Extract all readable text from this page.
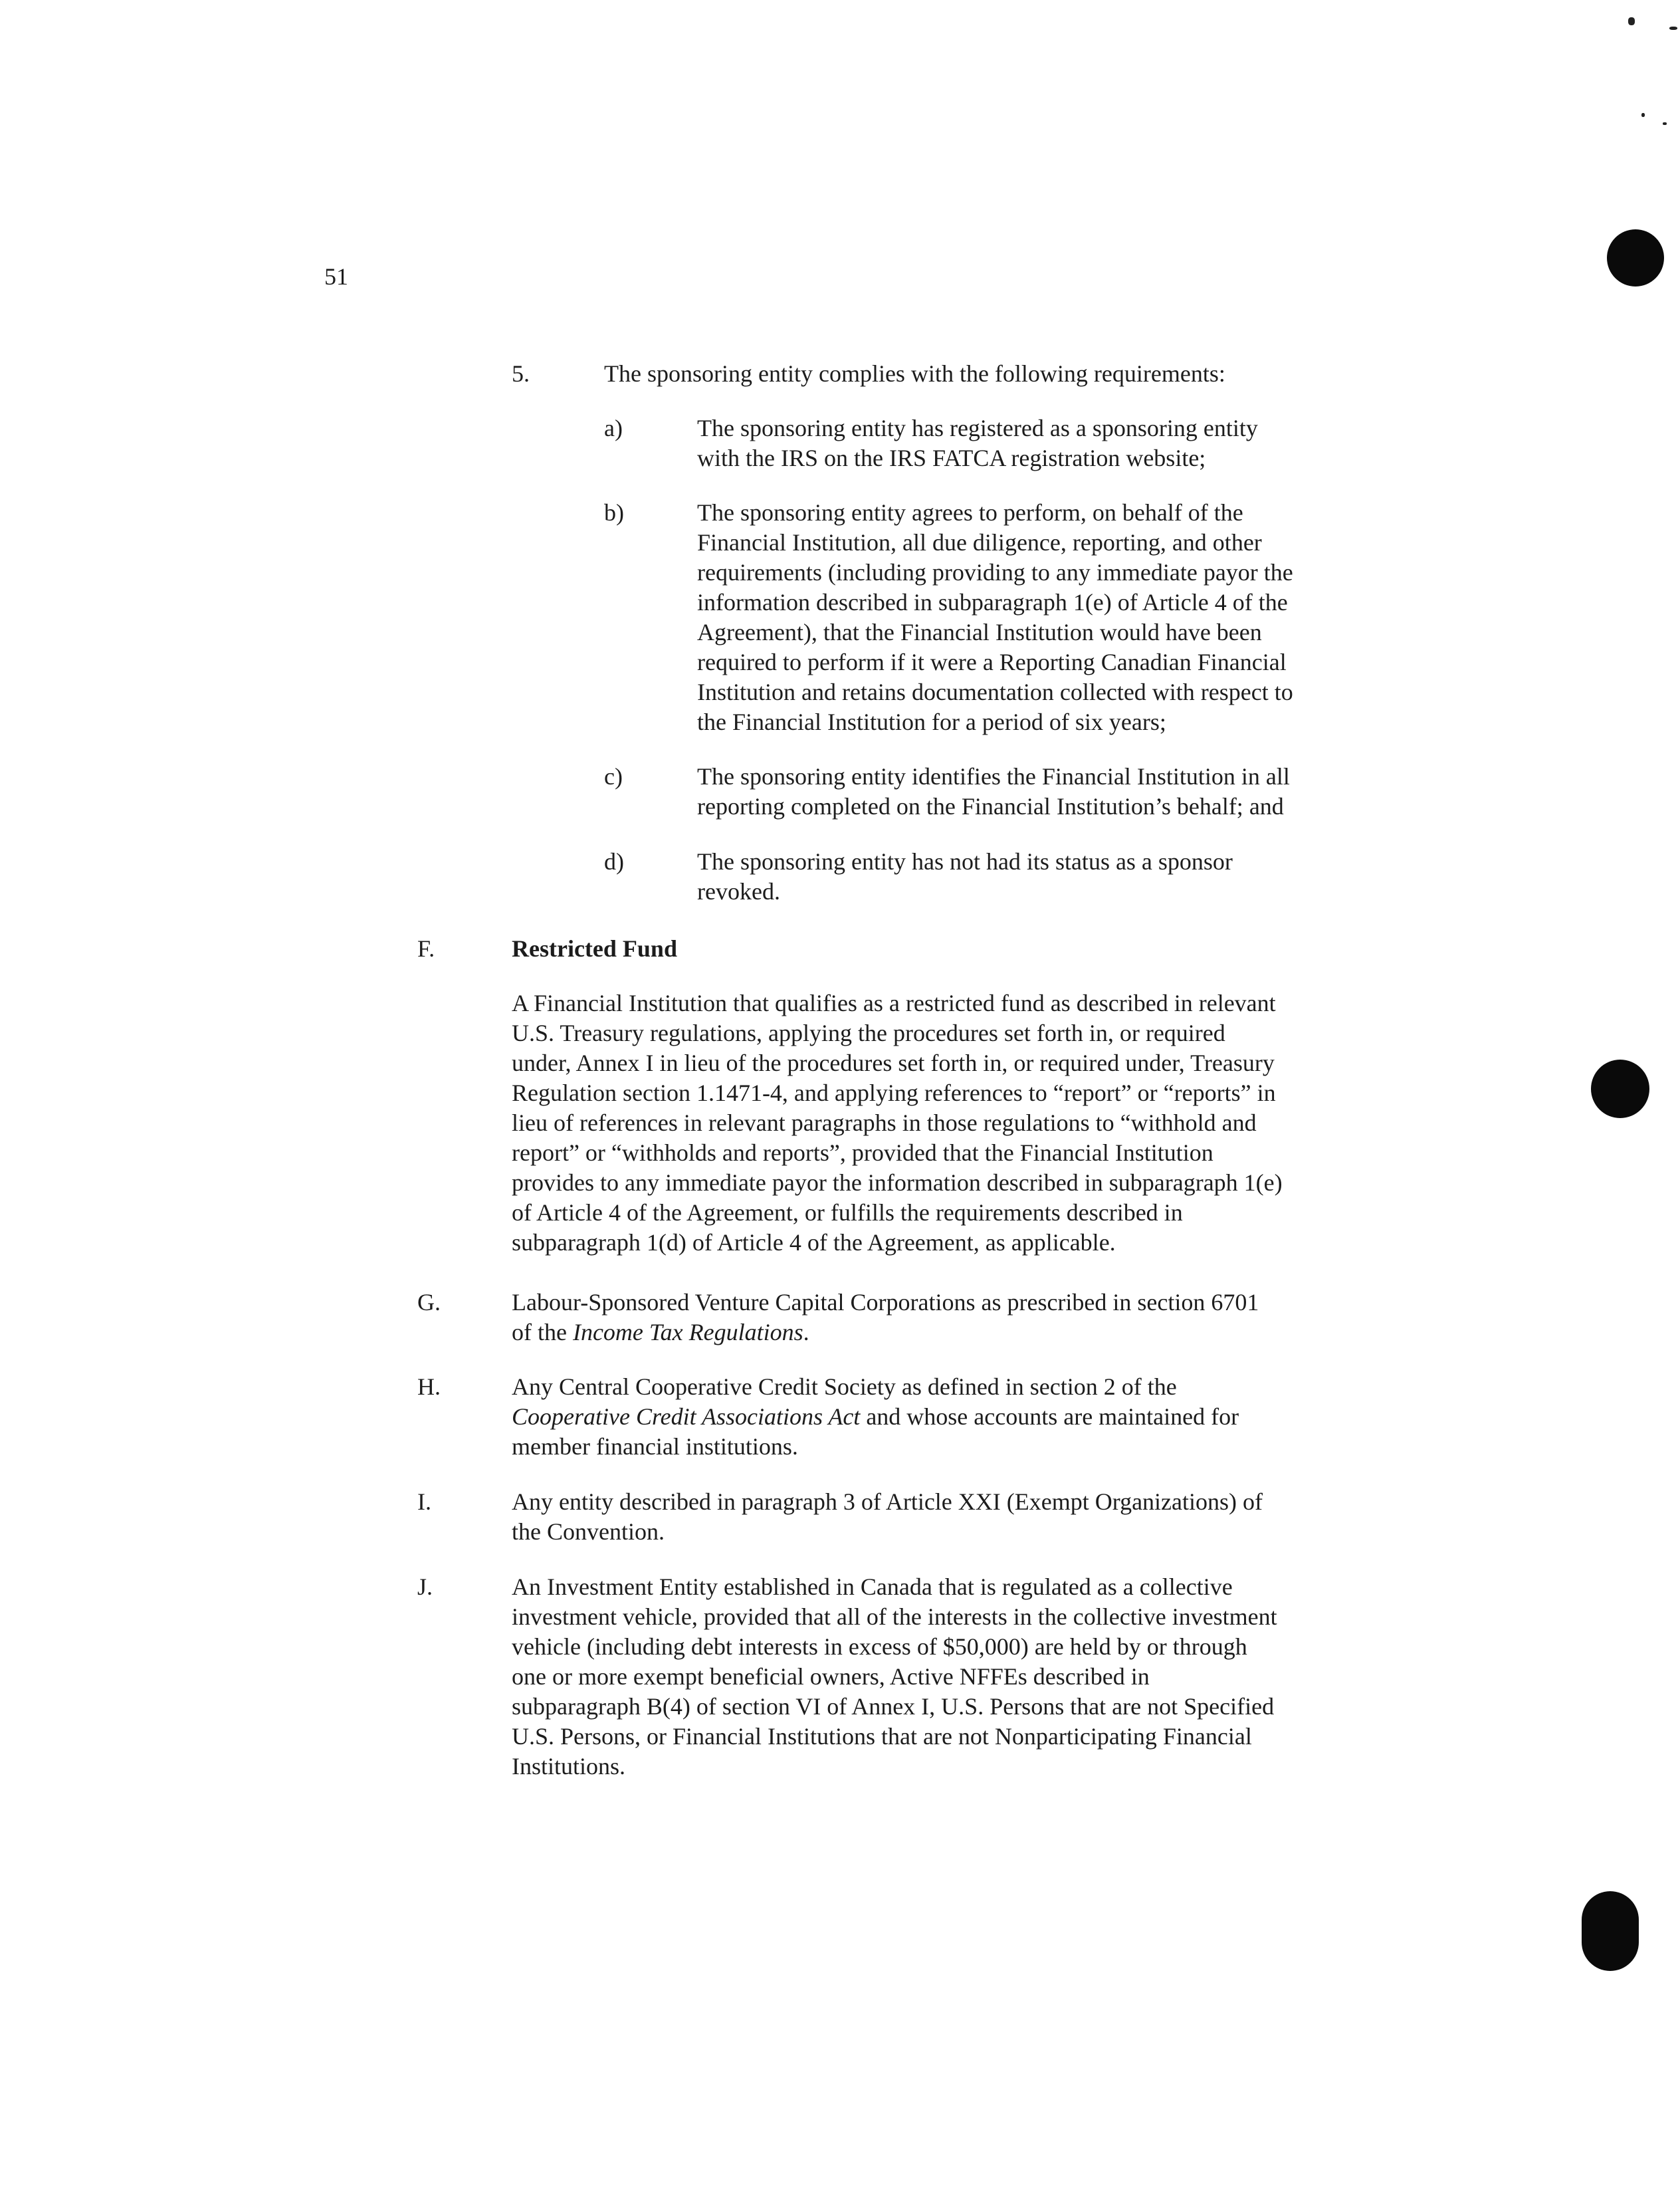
51
5.	The sponsoring entity complies with the following requirements:
a)	The sponsoring entity has registered as a sponsoring entity
with the IRS on the IRS FATCA registration website;
b)	The sponsoring entity agrees to perform, on behalf of the
Financial Institution, all due diligence, reporting, and other
requirements (including providing to any immediate payor the
information described in subparagraph 1(e) of Article 4 of the
Agreement), that the Financial Institution would have been
required to perform if it were a Reporting Canadian Financial
Institution and retains documentation collected with respect to
the Financial Institution for a period of six years;
c)	The sponsoring entity identifies the Financial Institution in all
reporting completed on the Financial Institution’s behalf; and
d)	The sponsoring entity has not had its status as a sponsor
revoked.
F.	Restricted Fund
A Financial Institution that qualifies as a restricted fund as described in relevant
U.S. Treasury regulations, applying the procedures set forth in, or required
under, Annex I in lieu of the procedures set forth in, or required under, Treasury
Regulation section 1.1471-4, and applying references to “report” or “reports” in
lieu of references in relevant paragraphs in those regulations to “withhold and
report” or “withholds and reports”, provided that the Financial Institution
provides to any immediate payor the information described in subparagraph 1(e)
of Article 4 of the Agreement, or fulfills the requirements described in
subparagraph 1(d) of Article 4 of the Agreement, as applicable.
G.	Labour-Sponsored Venture Capital Corporations as prescribed in section 6701
of the Income Tax Regulations.
H.	Any Central Cooperative Credit Society as defined in section 2 of the
Cooperative Credit Associations Act and whose accounts are maintained for
member financial institutions.
I.	Any entity described in paragraph 3 of Article XXI (Exempt Organizations) of
the Convention.
J.	An Investment Entity established in Canada that is regulated as a collective
investment vehicle, provided that all of the interests in the collective investment
vehicle (including debt interests in excess of $50,000) are held by or through
one or more exempt beneficial owners, Active NFFEs described in
subparagraph B(4) of section VI of Annex I, U.S. Persons that are not Specified
U.S. Persons, or Financial Institutions that are not Nonparticipating Financial
Institutions.
